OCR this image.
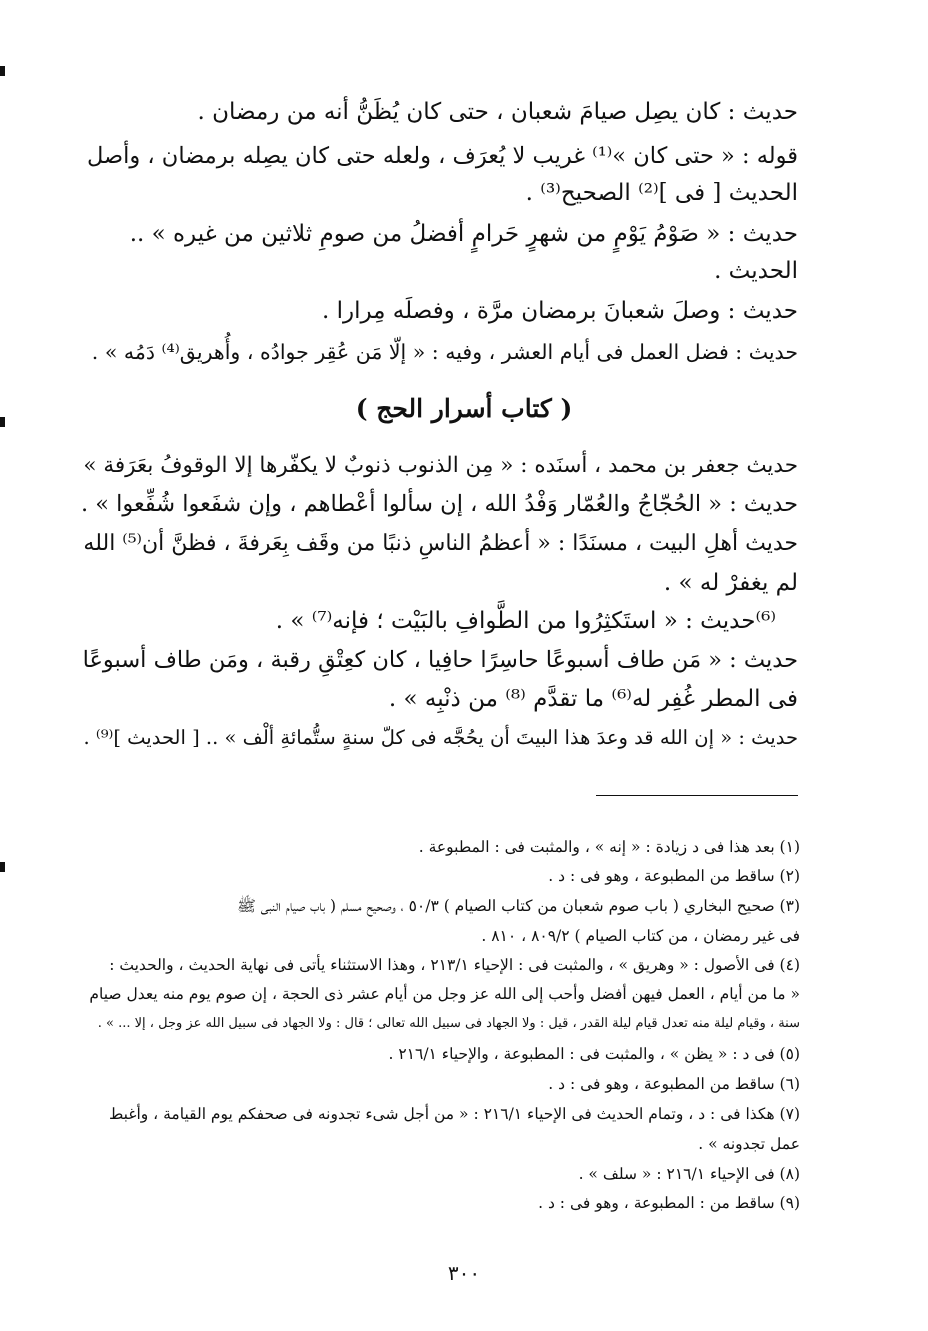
حديث : كان يصِل صيامَ شعبان ، حتى كان يُظَنُّ أنه من رمضان .
قوله : « حتى كان »⁽¹⁾ غريب لا يُعرَف ، ولعله حتى كان يصِله برمضان ، وأصل
الحديث [ فى ]⁽²⁾ الصحيح⁽³⁾ .
حديث : « صَوْمُ يَوْمٍ من شهرٍ حَرامٍ أفضلُ من صومِ ثلاثين من غيره » ..
الحديث .
حديث : وصلَ شعبانَ برمضان مرَّة ، وفصلَه مِرارا .
حديث : فضل العمل فى أيام العشر ، وفيه : « إلّا مَن عُقِر جوادُه ، وأُهريق⁽⁴⁾ دَمُه » .
( كتاب أسرار الحج )
حديث جعفر بن محمد ، أسنَده : « مِن الذنوب ذنوبٌ لا يكفّرها إلا الوقوفُ بعَرَفة »
حديث : « الحُجّاجُ والعُمّار وَفْدُ الله ، إن سألوا أعْطاهم ، وإن شفَعوا شُفِّعوا » .
حديث أهلِ البيت ، مسنَدًا : « أعظمُ الناسِ ذنبًا من وقَف بِعَرفةَ ، فظنَّ أن⁽⁵⁾ الله
لم يغفرْ له » .
⁽⁶⁾حديث : « استَكثِرُوا من الطَّوافِ بالبَيْت ؛ فإنه⁽⁷⁾ » .
حديث : « مَن طاف أسبوعًا حاسِرًا حافِيا ، كان كعِتْقِ رقبة ، ومَن طاف أسبوعًا
فى المطر غُفِر له⁽⁶⁾ ما تقدَّم ⁽⁸⁾ من ذنْبِه » .
حديث : « إن الله قد وعدَ هذا البيتَ أن يحُجَّه فى كلّ سنةٍ ستُّمائةِ ألْف » .. [ الحديث ]⁽⁹⁾ .
(١) بعد هذا فى د زيادة : « إنه » ، والمثبت فى : المطبوعة .
(٢) ساقط من المطبوعة ، وهو فى : د .
(٣) صحيح البخاري ( باب صوم شعبان من كتاب الصيام ) ٥٠/٣ ، وصحيح مسلم ( باب صيام النبى ﷺ
فى غير رمضان ، من كتاب الصيام ) ٨٠٩/٢ ، ٨١٠ .
(٤) فى الأصول : « وهريق » ، والمثبت فى : الإحياء ٢١٣/١ ، وهذا الاستثناء يأتى فى نهاية الحديث ، والحديث :
« ما من أيام ، العمل فيهن أفضل وأحب إلى الله عز وجل من أيام عشر ذى الحجة ، إن صوم يوم منه يعدل صيام
سنة ، وقيام ليلة منه تعدل قيام ليلة القدر ، قيل : ولا الجهاد فى سبيل الله تعالى ؛ قال : ولا الجهاد فى سبيل الله عز وجل ، إلا ... » .
(٥) فى د : « يظن » ، والمثبت فى : المطبوعة ، والإحياء ٢١٦/١ .
(٦) ساقط من المطبوعة ، وهو فى : د .
(٧) هكذا فى : د ، وتمام الحديث فى الإحياء ٢١٦/١ : « من أجل شىء تجدونه فى صحفكم يوم القيامة ، وأغبط
عمل تجدونه » .
(٨) فى الإحياء ٢١٦/١ : « سلف » .
(٩) ساقط من : المطبوعة ، وهو فى : د .
٣٠٠
